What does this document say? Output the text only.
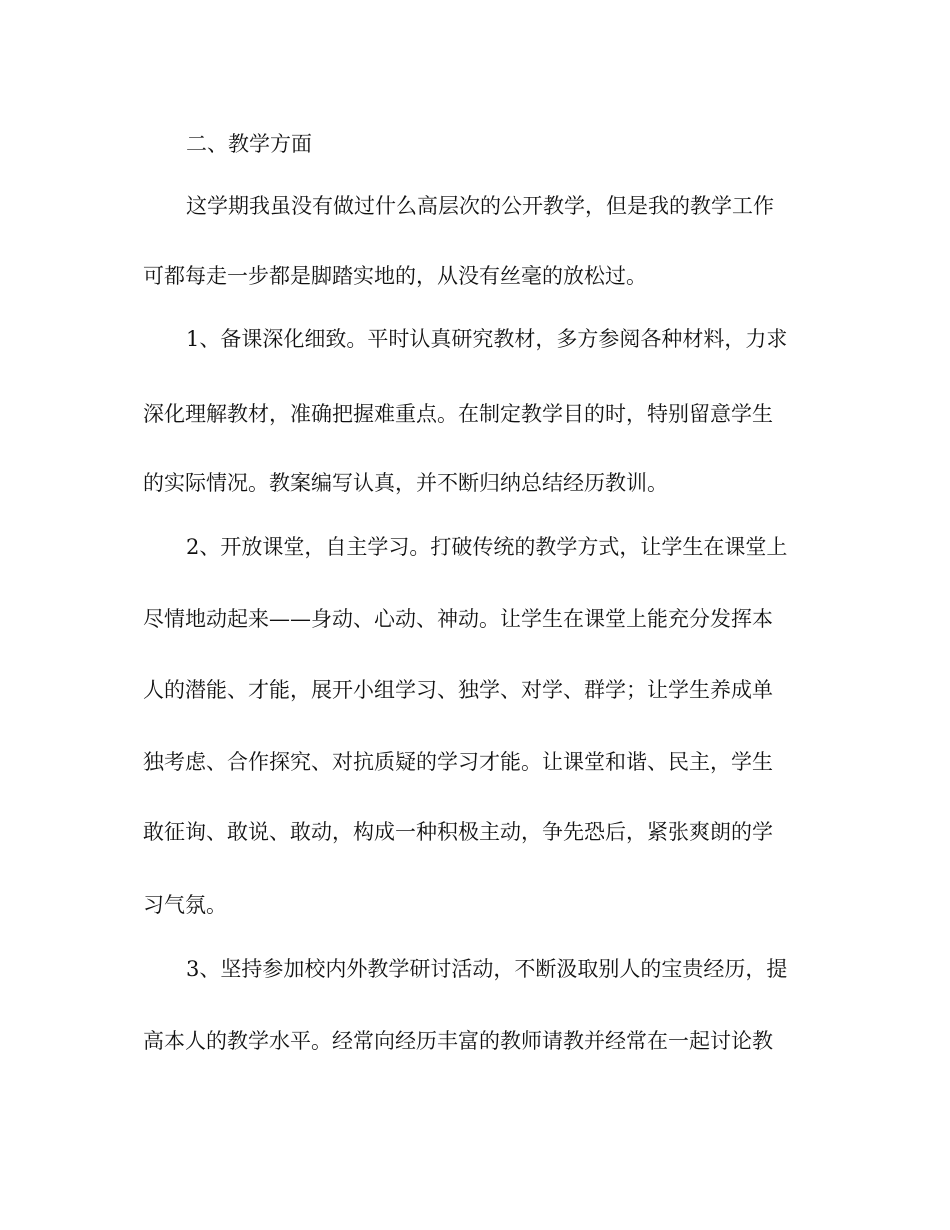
二、教学方面

这学期我虽没有做过什么高层次的公开教学，但是我的教学工作

可都每走一步都是脚踏实地的，从没有丝毫的放松过。

1、备课深化细致。平时认真研究教材，多方参阅各种材料，力求

深化理解教材，准确把握难重点。在制定教学目的时，特别留意学生

的实际情况。教案编写认真，并不断归纳总结经历教训。

2、开放课堂，自主学习。打破传统的教学方式，让学生在课堂上

尽情地动起来——身动、心动、神动。让学生在课堂上能充分发挥本

人的潜能、才能，展开小组学习、独学、对学、群学；让学生养成单

独考虑、合作探究、对抗质疑的学习才能。让课堂和谐、民主，学生

敢征询、敢说、敢动，构成一种积极主动，争先恐后，紧张爽朗的学

习气氛。

3、坚持参加校内外教学研讨活动，不断汲取别人的宝贵经历，提

高本人的教学水平。经常向经历丰富的教师请教并经常在一起讨论教
